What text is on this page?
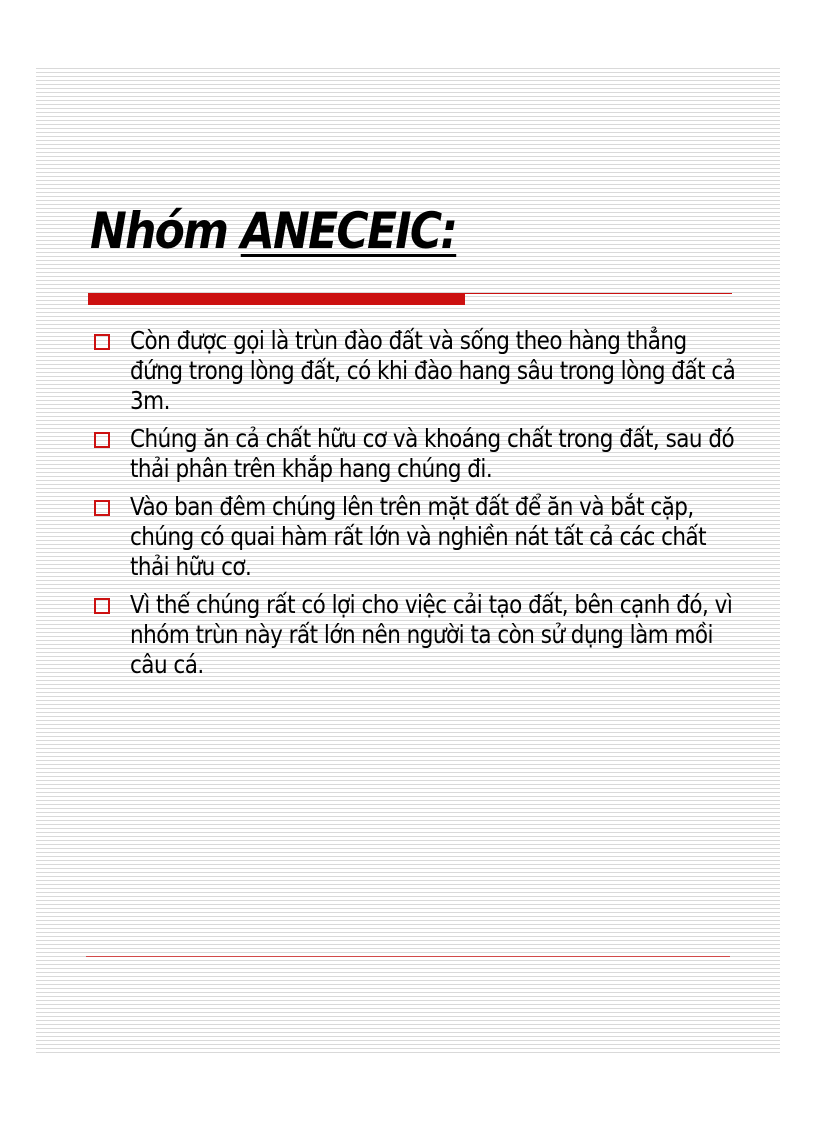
Nhóm ANECEIC:
Còn được gọi là trùn đào đất và sống theo hàng thẳng đứng trong lòng đất, có khi đào hang sâu trong lòng đất cả 3m.
Chúng ăn cả chất hữu cơ và khoáng chất trong đất, sau đó thải phân trên khắp hang chúng đi.
Vào ban đêm chúng lên trên mặt đất để ăn và bắt cặp, chúng có quai hàm rất lớn và nghiền nát tất cả các chất thải hữu cơ.
Vì thế chúng rất có lợi cho việc cải tạo đất, bên cạnh đó, vì nhóm trùn này rất lớn nên người ta còn sử dụng làm mồi câu cá.
